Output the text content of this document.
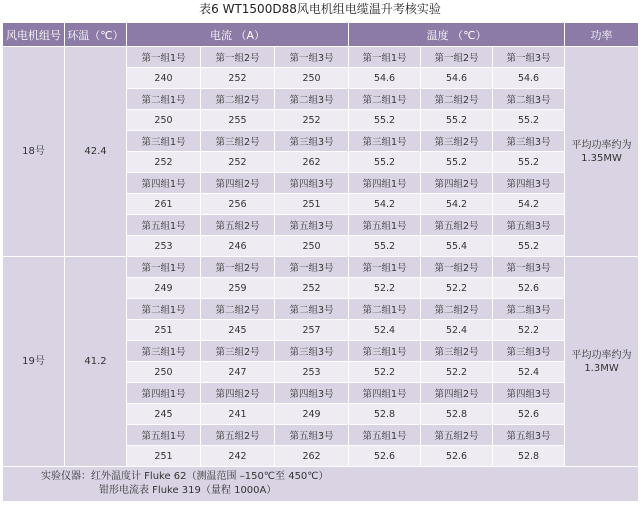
表6 WT1500D88风电机组电缆温升考核实验
风电机组号	环温（℃）	电流 （A）			温度 （℃）			功率
18号	42.4	第一组1号	第一组2号	第一组3号	第一组1号	第一组2号	第一组3号	平均功率约为1.35MW
		240	252	250	54.6	54.6	54.6	
		第二组1号	第二组2号	第二组3号	第二组1号	第二组2号	第二组3号	
		250	255	252	55.2	55.2	55.2	
		第三组1号	第三组2号	第三组3号	第三组1号	第三组2号	第三组3号	
		252	252	262	55.2	55.2	55.2	
		第四组1号	第四组2号	第四组3号	第四组1号	第四组2号	第四组3号	
		261	256	251	54.2	54.2	54.2	
		第五组1号	第五组2号	第五组3号	第五组1号	第五组2号	第五组3号	
		253	246	250	55.2	55.4	55.2	
19号	41.2	第一组1号	第一组2号	第一组3号	第一组1号	第一组2号	第一组3号	平均功率约为1.3MW
		249	259	252	52.2	52.2	52.6	
		第二组1号	第二组2号	第二组3号	第二组1号	第二组2号	第二组3号	
		251	245	257	52.4	52.4	52.2	
		第三组1号	第三组2号	第三组3号	第三组1号	第三组2号	第三组3号	
		250	247	253	52.2	52.2	52.4	
		第四组1号	第四组2号	第四组3号	第四组1号	第四组2号	第四组3号	
		245	241	249	52.8	52.8	52.6	
		第五组1号	第五组2号	第五组3号	第五组1号	第五组2号	第五组3号	
		251	242	262	52.6	52.6	52.8	

实验仪器：红外温度计 Fluke 62（测温范围 –150℃至 450℃）
钳形电流表 Fluke 319（量程 1000A）								
